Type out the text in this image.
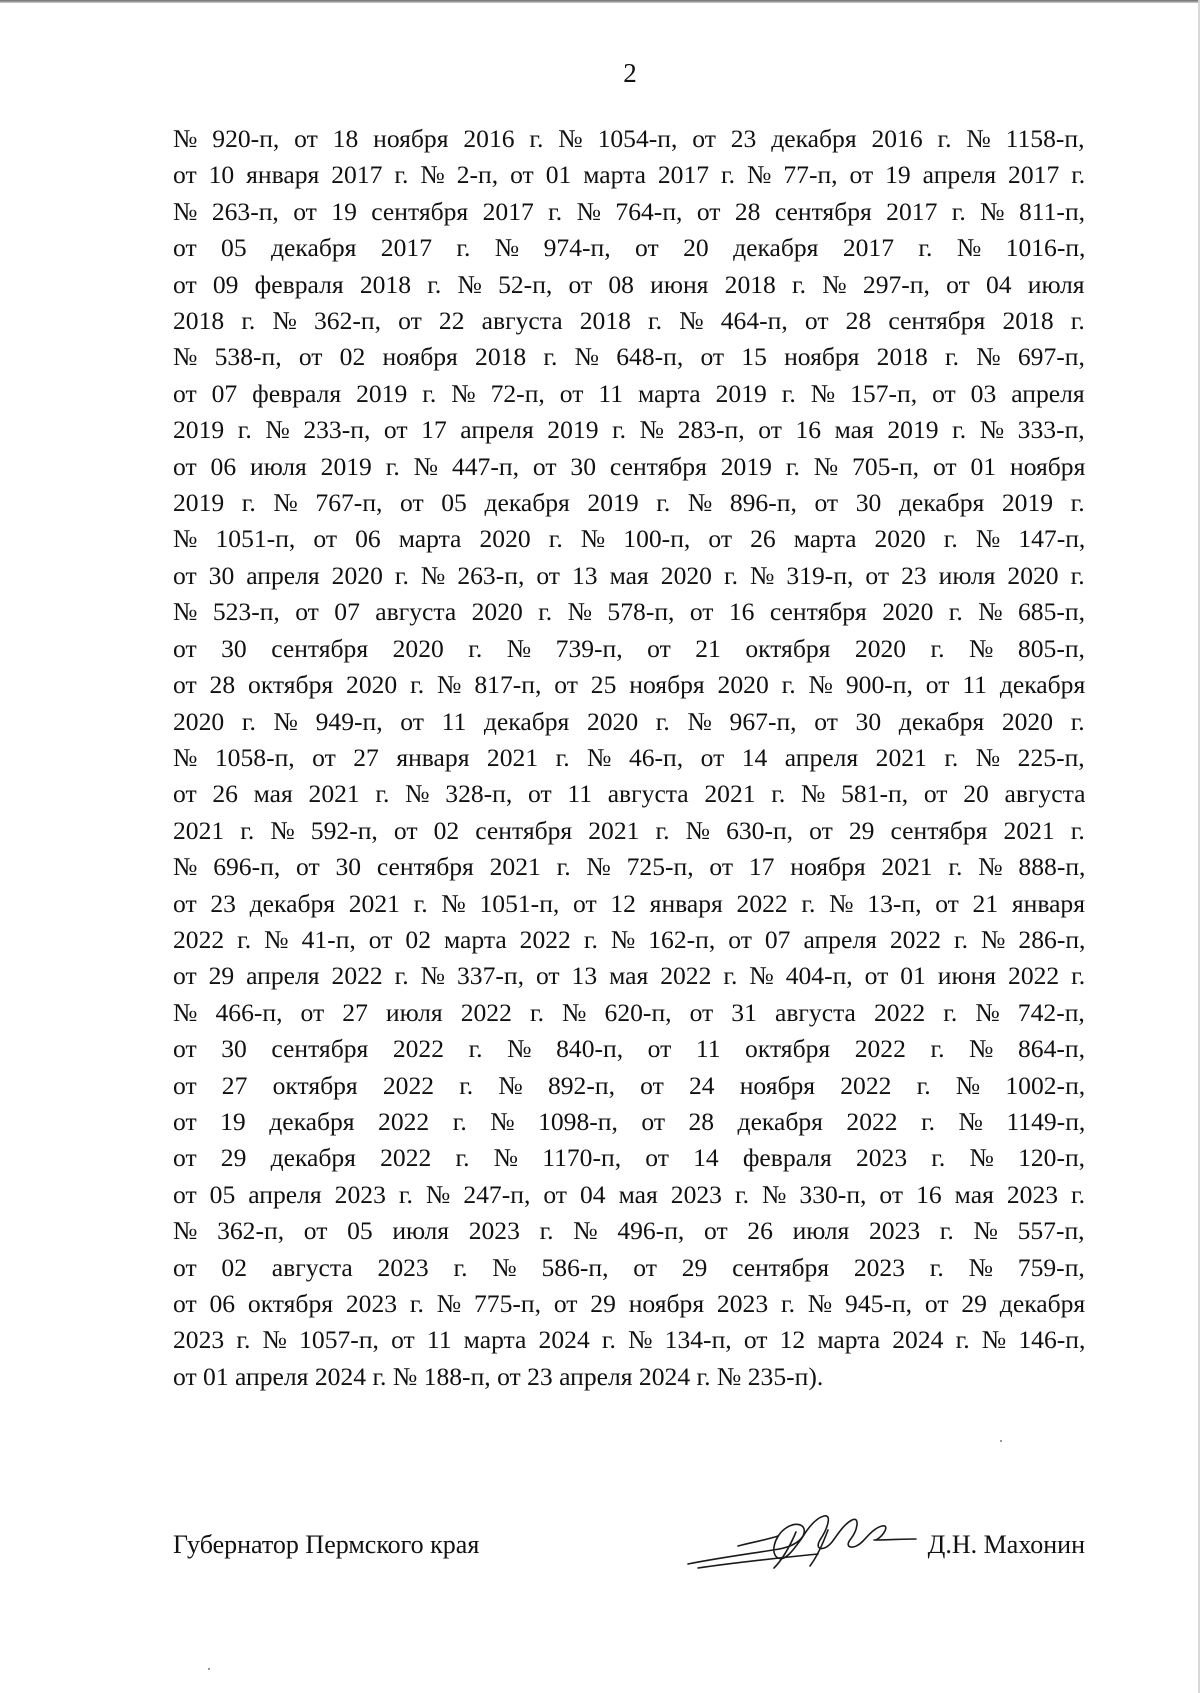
2
№ 920-п, от 18 ноября 2016 г. № 1054-п, от 23 декабря 2016 г. № 1158-п,
от 10 января 2017 г. № 2-п, от 01 марта 2017 г. № 77-п, от 19 апреля 2017 г.
№ 263-п, от 19 сентября 2017 г. № 764-п, от 28 сентября 2017 г. № 811-п,
от 05 декабря 2017 г. № 974-п, от 20 декабря 2017 г. № 1016-п,
от 09 февраля 2018 г. № 52-п, от 08 июня 2018 г. № 297-п, от 04 июля
2018 г. № 362-п, от 22 августа 2018 г. № 464-п, от 28 сентября 2018 г.
№ 538-п, от 02 ноября 2018 г. № 648-п, от 15 ноября 2018 г. № 697-п,
от 07 февраля 2019 г. № 72-п, от 11 марта 2019 г. № 157-п, от 03 апреля
2019 г. № 233-п, от 17 апреля 2019 г. № 283-п, от 16 мая 2019 г. № 333-п,
от 06 июля 2019 г. № 447-п, от 30 сентября 2019 г. № 705-п, от 01 ноября
2019 г. № 767-п, от 05 декабря 2019 г. № 896-п, от 30 декабря 2019 г.
№ 1051-п, от 06 марта 2020 г. № 100-п, от 26 марта 2020 г. № 147-п,
от 30 апреля 2020 г. № 263-п, от 13 мая 2020 г. № 319-п, от 23 июля 2020 г.
№ 523-п, от 07 августа 2020 г. № 578-п, от 16 сентября 2020 г. № 685-п,
от 30 сентября 2020 г. № 739-п, от 21 октября 2020 г. № 805-п,
от 28 октября 2020 г. № 817-п, от 25 ноября 2020 г. № 900-п, от 11 декабря
2020 г. № 949-п, от 11 декабря 2020 г. № 967-п, от 30 декабря 2020 г.
№ 1058-п, от 27 января 2021 г. № 46-п, от 14 апреля 2021 г. № 225-п,
от 26 мая 2021 г. № 328-п, от 11 августа 2021 г. № 581-п, от 20 августа
2021 г. № 592-п, от 02 сентября 2021 г. № 630-п, от 29 сентября 2021 г.
№ 696-п, от 30 сентября 2021 г. № 725-п, от 17 ноября 2021 г. № 888-п,
от 23 декабря 2021 г. № 1051-п, от 12 января 2022 г. № 13-п, от 21 января
2022 г. № 41-п, от 02 марта 2022 г. № 162-п, от 07 апреля 2022 г. № 286-п,
от 29 апреля 2022 г. № 337-п, от 13 мая 2022 г. № 404-п, от 01 июня 2022 г.
№ 466-п, от 27 июля 2022 г. № 620-п, от 31 августа 2022 г. № 742-п,
от 30 сентября 2022 г. № 840-п, от 11 октября 2022 г. № 864-п,
от 27 октября 2022 г. № 892-п, от 24 ноября 2022 г. № 1002-п,
от 19 декабря 2022 г. № 1098-п, от 28 декабря 2022 г. № 1149-п,
от 29 декабря 2022 г. № 1170-п, от 14 февраля 2023 г. № 120-п,
от 05 апреля 2023 г. № 247-п, от 04 мая 2023 г. № 330-п, от 16 мая 2023 г.
№ 362-п, от 05 июля 2023 г. № 496-п, от 26 июля 2023 г. № 557-п,
от 02 августа 2023 г. № 586-п, от 29 сентября 2023 г. № 759-п,
от 06 октября 2023 г. № 775-п, от 29 ноября 2023 г. № 945-п, от 29 декабря
2023 г. № 1057-п, от 11 марта 2024 г. № 134-п, от 12 марта 2024 г. № 146-п,
от 01 апреля 2024 г. № 188-п, от 23 апреля 2024 г. № 235-п).
Губернатор Пермского края	Д.Н. Махонин
